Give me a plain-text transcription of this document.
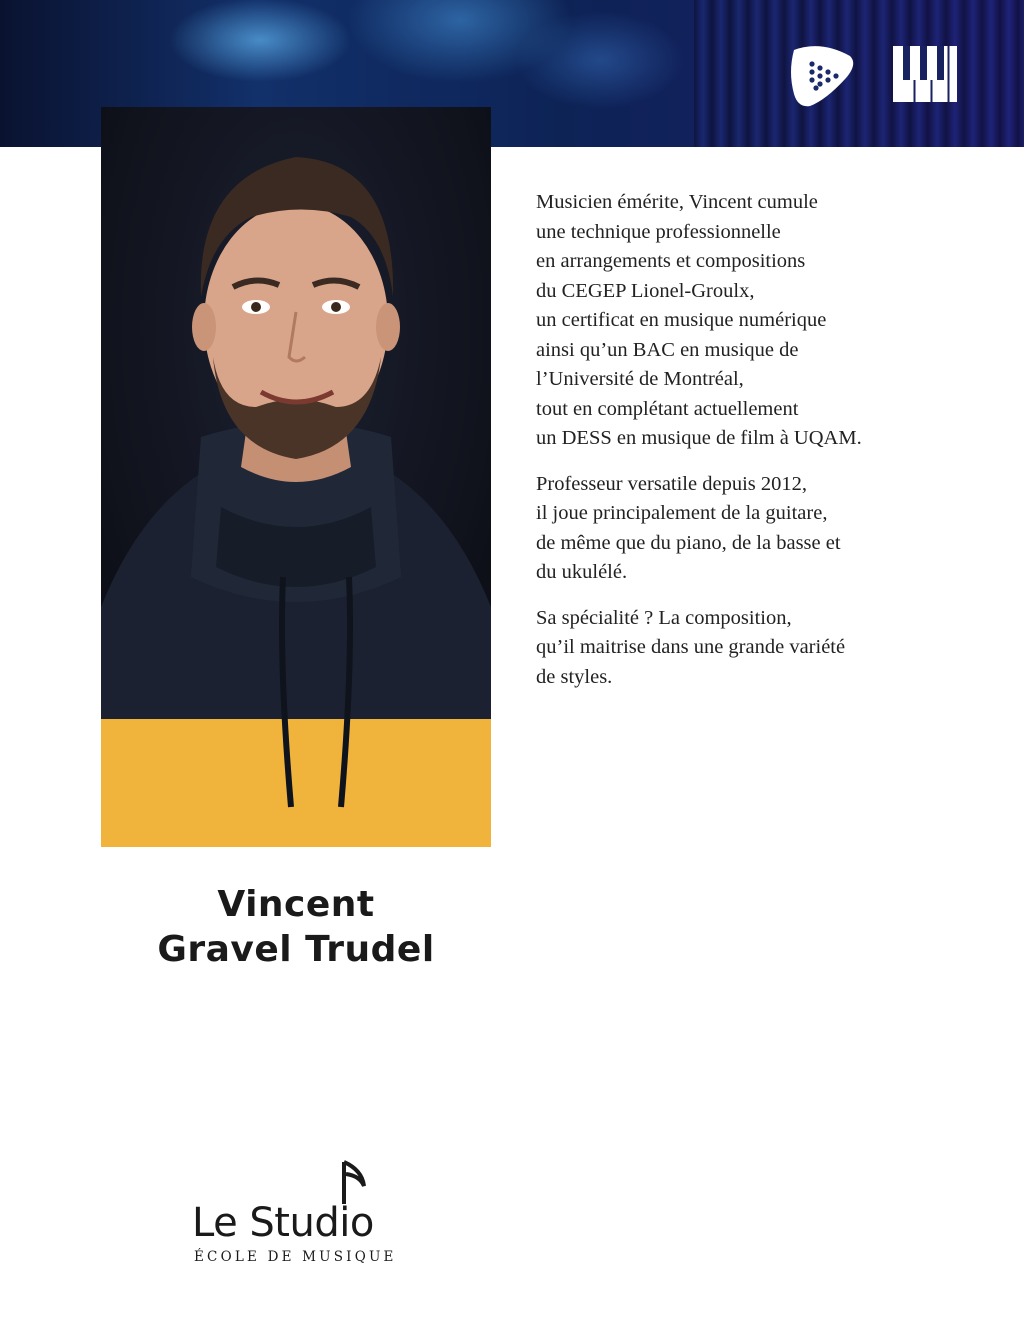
Vincent
Gravel Trudel

Musicien émérite, Vincent cumule
une technique professionnelle
en arrangements et compositions
du CEGEP Lionel-Groulx,
un certificat en musique numérique
ainsi qu’un BAC en musique de
l’Université de Montréal,
tout en complétant actuellement
un DESS en musique de film à UQAM.

Professeur versatile depuis 2012,
il joue principalement de la guitare,
de même que du piano, de la basse et
du ukulélé.

Sa spécialité ? La composition,
qu’il maitrise dans une grande variété
de styles.

Le Studio

ÉCOLE DE MUSIQUE
